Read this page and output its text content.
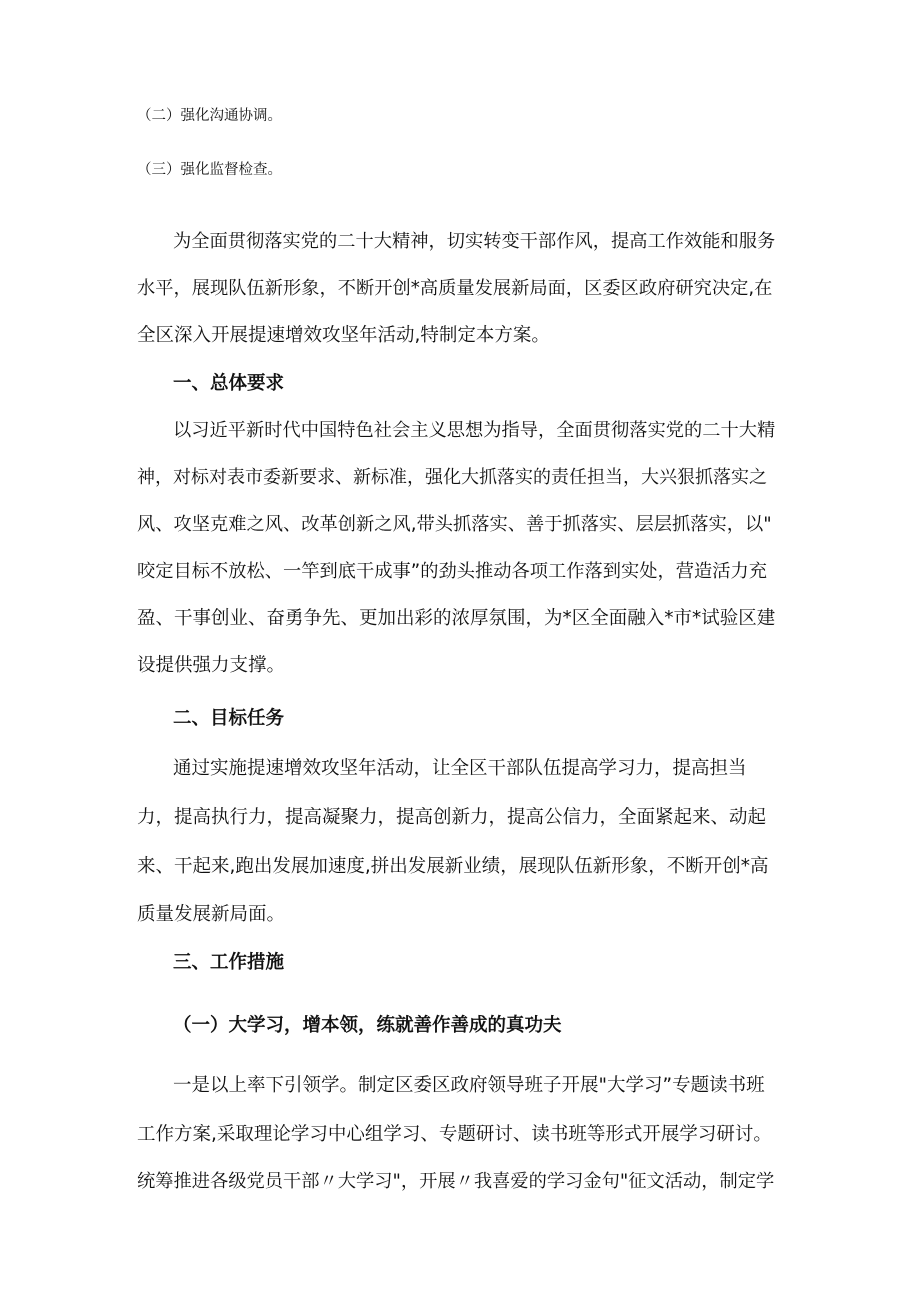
（二）强化沟通协调。

（三）强化监督检查。

为全面贯彻落实党的二十大精神，切实转变干部作风，提高工作效能和服务

水平，展现队伍新形象，不断开创*高质量发展新局面，区委区政府研究决定,在

全区深入开展提速增效攻坚年活动,特制定本方案。

一、总体要求

以习近平新时代中国特色社会主义思想为指导，全面贯彻落实党的二十大精

神，对标对表市委新要求、新标准，强化大抓落实的责任担当，大兴狠抓落实之

风、攻坚克难之风、改革创新之风,带头抓落实、善于抓落实、层层抓落实，以"

咬定目标不放松、一竿到底干成事”的劲头推动各项工作落到实处，营造活力充

盈、干事创业、奋勇争先、更加出彩的浓厚氛围，为*区全面融入*市*试验区建

设提供强力支撑。

二、目标任务

通过实施提速增效攻坚年活动，让全区干部队伍提高学习力，提高担当

力，提高执行力，提高凝聚力，提高创新力，提高公信力，全面紧起来、动起

来、干起来,跑出发展加速度,拼出发展新业绩，展现队伍新形象，不断开创*高

质量发展新局面。

三、工作措施

（一）大学习，增本领，练就善作善成的真功夫

一是以上率下引领学。制定区委区政府领导班子开展"大学习”专题读书班

工作方案,采取理论学习中心组学习、专题研讨、读书班等形式开展学习研讨。

统筹推进各级党员干部〃大学习"，开展〃我喜爱的学习金句"征文活动，制定学
